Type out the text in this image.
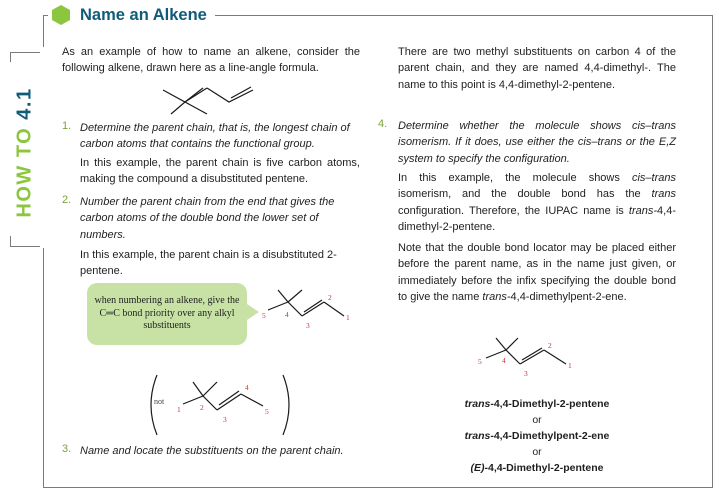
Name an Alkene
HOW TO 4.1
As an example of how to name an alkene, consider the following alkene, drawn here as a line-angle formula.
1. Determine the parent chain, that is, the longest chain of carbon atoms that contains the functional group.
In this example, the parent chain is five carbon atoms, making the compound a disubstituted pentene.
2. Number the parent chain from the end that gives the carbon atoms of the double bond the lower set of numbers.
In this example, the parent chain is a disubstituted 2-pentene.
when numbering an alkene, give the C═C bond priority over any alkyl substituents
5	4
3
2
1
not
1	2
3
4
5
3. Name and locate the substituents on the parent chain.
There are two methyl substituents on carbon 4 of the parent chain, and they are named 4,4-dimethyl-. The name to this point is 4,4-dimethyl-2-pentene.
4. Determine whether the molecule shows cis–trans isomerism. If it does, use either the cis–trans or the E,Z system to specify the configuration.
In this example, the molecule shows cis–trans isomerism, and the double bond has the trans configuration. Therefore, the IUPAC name is trans-4,4-dimethyl-2-pentene.
Note that the double bond locator may be placed either before the parent name, as in the name just given, or immediately before the infix specifying the double bond to give the name trans-4,4-dimethylpent-2-ene.
5	4
3
2
1
trans-4,4-Dimethyl-2-pentene
or
trans-4,4-Dimethylpent-2-ene
or
(E)-4,4-Dimethyl-2-pentene
